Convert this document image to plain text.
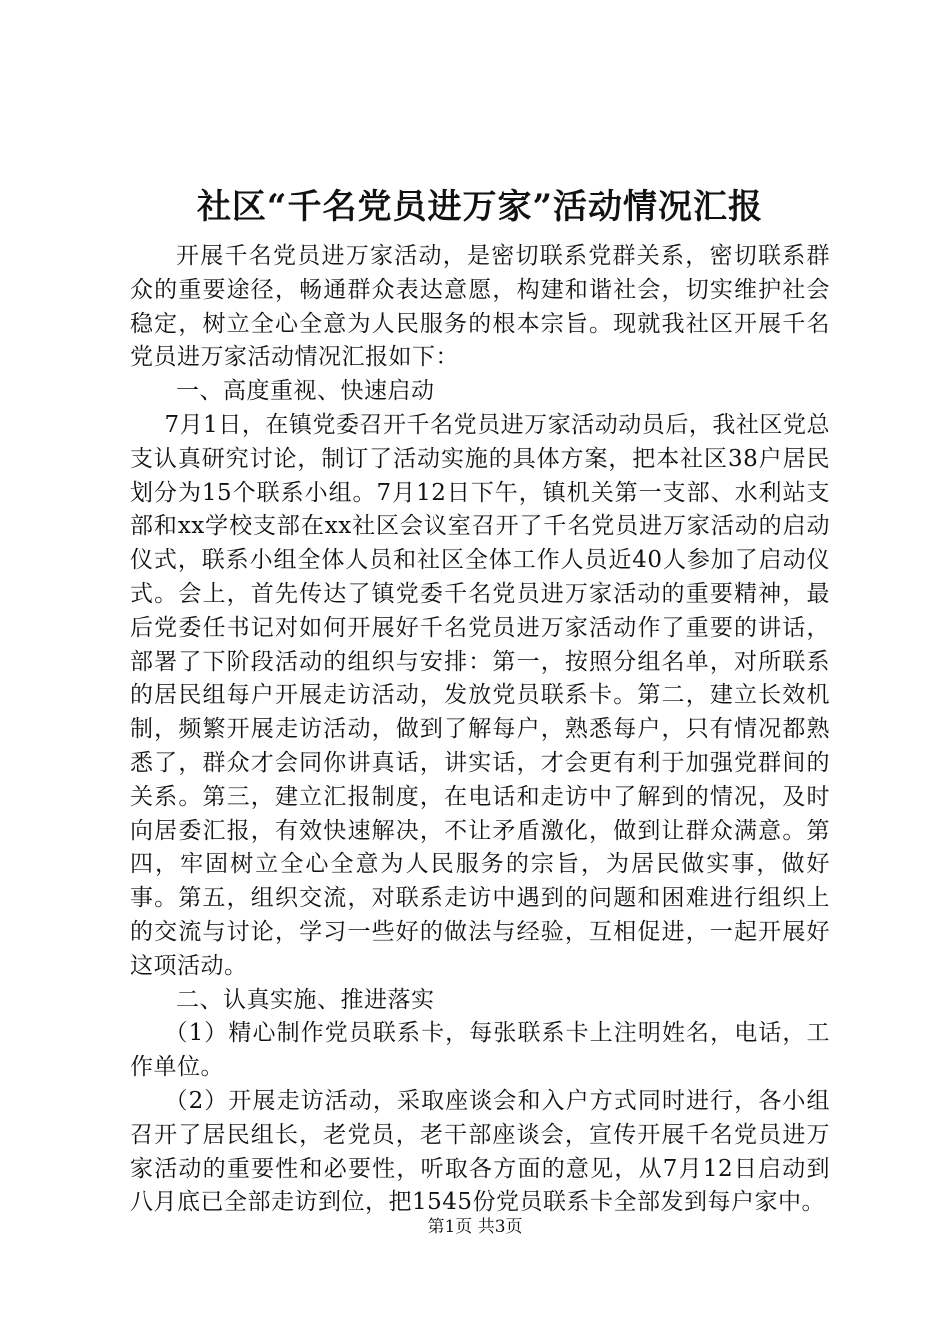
社区“千名党员进万家”活动情况汇报

开展千名党员进万家活动，是密切联系党群关系，密切联系群众的重要途径，畅通群众表达意愿，构建和谐社会，切实维护社会稳定，树立全心全意为人民服务的根本宗旨。现就我社区开展千名党员进万家活动情况汇报如下：

一、高度重视、快速启动

7月1日，在镇党委召开千名党员进万家活动动员后，我社区党总支认真研究讨论，制订了活动实施的具体方案，把本社区38户居民划分为15个联系小组。7月12日下午，镇机关第一支部、水利站支部和xx学校支部在xx社区会议室召开了千名党员进万家活动的启动仪式，联系小组全体人员和社区全体工作人员近40人参加了启动仪式。会上，首先传达了镇党委千名党员进万家活动的重要精神，最后党委任书记对如何开展好千名党员进万家活动作了重要的讲话，部署了下阶段活动的组织与安排：第一，按照分组名单，对所联系的居民组每户开展走访活动，发放党员联系卡。第二，建立长效机制，频繁开展走访活动，做到了解每户，熟悉每户，只有情况都熟悉了，群众才会同你讲真话，讲实话，才会更有利于加强党群间的关系。第三，建立汇报制度，在电话和走访中了解到的情况，及时向居委汇报，有效快速解决，不让矛盾激化，做到让群众满意。第四，牢固树立全心全意为人民服务的宗旨，为居民做实事，做好事。第五，组织交流，对联系走访中遇到的问题和困难进行组织上的交流与讨论，学习一些好的做法与经验，互相促进，一起开展好这项活动。

二、认真实施、推进落实

（1）精心制作党员联系卡，每张联系卡上注明姓名，电话，工作单位。

（2）开展走访活动，采取座谈会和入户方式同时进行，各小组召开了居民组长，老党员，老干部座谈会，宣传开展千名党员进万家活动的重要性和必要性，听取各方面的意见，从7月12日启动到八月底已全部走访到位，把1545份党员联系卡全部发到每户家中。

第1页 共3页
